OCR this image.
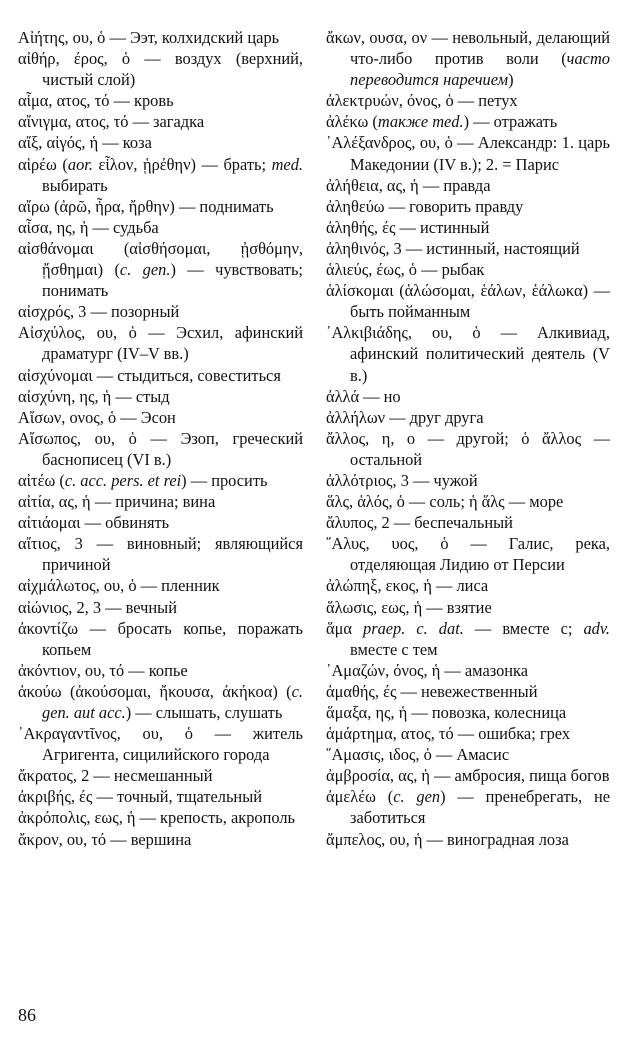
Αἰήτης, ου, ὁ — Ээт, колхидский царь

αἰθήρ, έρος, ὁ — воздух (верхний, чистый слой)

αἷμα, ατος, τό — кровь

αἴνιγμα, ατος, τό — загадка

αἴξ, αἰγός, ἡ — коза

αἱρέω (aor. εἷλον, ᾑρέθην) — брать; med. выбирать

αἴρω (ἀρῶ, ἦρα, ἤρθην) — поднимать

αἶσα, ης, ἡ — судьба

αἰσθάνομαι (αἰσθήσομαι, ᾐσθόμην, ᾔσθημαι) (c. gen.) — чувствовать; понимать

αἰσχρός, 3 — позорный

Αἰσχύλος, ου, ὁ — Эсхил, афинский драматург (IV–V вв.)

αἰσχύνομαι — стыдиться, совеститься

αἰσχύνη, ης, ἡ — стыд

Αἴσων, ονος, ὁ — Эсон

Αἴσωπος, ου, ὁ — Эзоп, греческий баснописец (VI в.)

αἰτέω (c. acc. pers. et rei) — просить

αἰτία, ας, ἡ — причина; вина

αἰτιάομαι — обвинять

αἴτιος, 3 — виновный; являющийся причиной

αἰχμάλωτος, ου, ὁ — пленник

αἰώνιος, 2, 3 — вечный

ἀκοντίζω — бросать копье, поражать копьем

ἀκόντιον, ου, τό — копье

ἀκούω (ἀκούσομαι, ἤκουσα, ἀκήκοα) (c. gen. aut acc.) — слышать, слушать

᾿Ακραγαντῖνος, ου, ὁ — житель Агригента, сицилийского города

ἄκρατος, 2 — несмешанный

ἀκριβής, ές — точный, тщательный

ἀκρόπολις, εως, ἡ — крепость, акрополь

ἄκρον, ου, τό — вершина

ἄκων, ουσα, ον — невольный, делающий что-либо против воли (часто переводится наречием)

ἀλεκτρυών, όνος, ὁ — петух

ἀλέκω (также med.) — отражать

᾿Αλέξανδρος, ου, ὁ — Александр: 1. царь Македонии (IV в.); 2. = Парис

ἀλήθεια, ας, ἡ — правда

ἀληθεύω — говорить правду

ἀληθής, ές — истинный

ἀληθινός, 3 — истинный, настоящий

ἁλιεύς, έως, ὁ — рыбак

ἁλίσκομαι (ἁλώσομαι, ἑάλων, ἑάλωκα) — быть пойманным

᾿Αλκιβιάδης, ου, ὁ — Алкивиад, афинский политический деятель (V в.)

ἀλλά — но

ἀλλήλων — друг друга

ἄλλος, η, ο — другой; ὁ ἄλλος — остальной

ἀλλότριος, 3 — чужой

ἅλς, ἁλός, ὁ — соль; ἡ ἅλς — море

ἄλυπος, 2 — беспечальный

῞Αλυς, υος, ὁ — Галис, река, отделяющая Лидию от Персии

ἀλώπηξ, εκος, ἡ — лиса

ἅλωσις, εως, ἡ — взятие

ἅμα praep. c. dat. — вместе с; adv. вместе с тем

᾿Αμαζών, όνος, ἡ — амазонка

ἀμαθής, ές — невежественный

ἅμαξα, ης, ἡ — повозка, колесница

ἁμάρτημα, ατος, τό — ошибка; грех

῞Αμασις, ιδος, ὁ — Амасис

ἀμβροσία, ας, ἡ — амбросия, пища богов

ἀμελέω (c. gen) — пренебрегать, не заботиться

ἄμπελος, ου, ἡ — виноградная лоза

86
